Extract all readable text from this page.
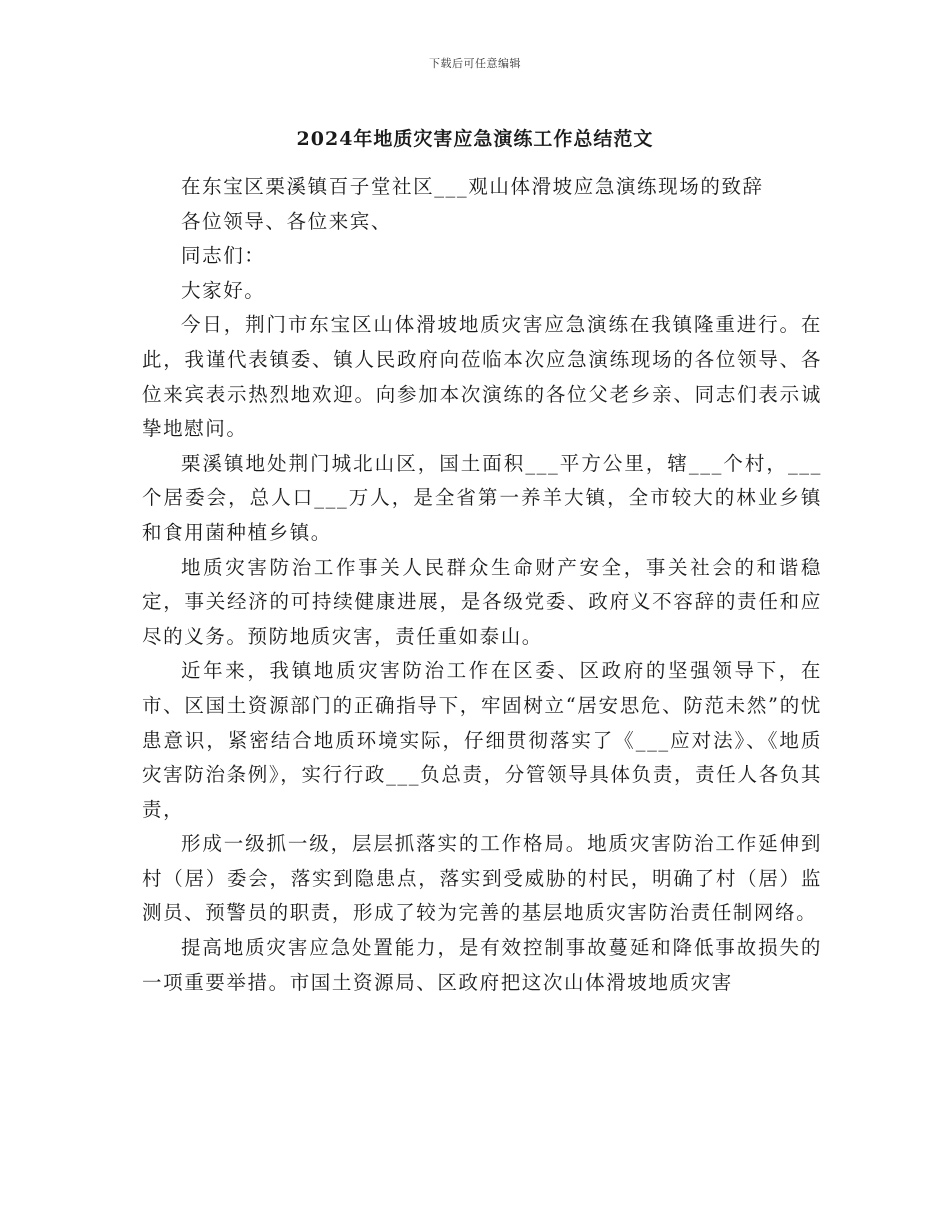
下载后可任意编辑
2024年地质灾害应急演练工作总结范文

在东宝区栗溪镇百子堂社区___观山体滑坡应急演练现场的致辞

各位领导、各位来宾、

同志们：

大家好。

今日，荆门市东宝区山体滑坡地质灾害应急演练在我镇隆重进行。在此，我谨代表镇委、镇人民政府向莅临本次应急演练现场的各位领导、各位来宾表示热烈地欢迎。向参加本次演练的各位父老乡亲、同志们表示诚挚地慰问。

栗溪镇地处荆门城北山区，国土面积___平方公里，辖___个村，___个居委会，总人口___万人，是全省第一养羊大镇，全市较大的林业乡镇和食用菌种植乡镇。

地质灾害防治工作事关人民群众生命财产安全，事关社会的和谐稳定，事关经济的可持续健康进展，是各级党委、政府义不容辞的责任和应尽的义务。预防地质灾害，责任重如泰山。

近年来，我镇地质灾害防治工作在区委、区政府的坚强领导下，在市、区国土资源部门的正确指导下，牢固树立“居安思危、防范未然”的忧患意识，紧密结合地质环境实际，仔细贯彻落实了《___应对法》、《地质灾害防治条例》，实行行政___负总责，分管领导具体负责，责任人各负其责，

形成一级抓一级，层层抓落实的工作格局。地质灾害防治工作延伸到村（居）委会，落实到隐患点，落实到受威胁的村民，明确了村（居）监测员、预警员的职责，形成了较为完善的基层地质灾害防治责任制网络。

提高地质灾害应急处置能力，是有效控制事故蔓延和降低事故损失的一项重要举措。市国土资源局、区政府把这次山体滑坡地质灾害
